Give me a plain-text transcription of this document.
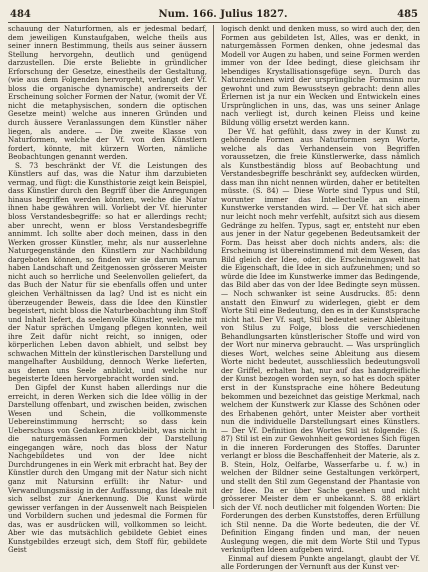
484	Num. 166. Julius 1827.	485

schauung der Naturformen, als er jedesmal bedarf, dem jeweiligen Kunstaufgaben, welche theils aus seiner innern Bestimmung, theils aus seiner äussern Stellung hervorgehn, deutlich und genügend darzustellen. Die erste Beliebte in gründlicher Erforschung der Gesetze, einestheils der Gestaltung, (wie aus dem Folgenden hervorgeht, verlangt der Vf. bloss die organische dynamische) andrerseits der Erscheinung solcher Formen der Natur, (womit der Vf. nicht die metaphysischen, sondern die optischen Gesetze meint) welche aus inneren Gründen und durch äussere Veranlassungen dem Künstler näher liegen, als andere. — Die zweite Klasse von Naturformen, welche der Vf. von den Künstlern fordert, könnte, mit kürzern Worten, nämliche Beobachtungen genannt werden.

S. 73 beschränkt der Vf. die Leistungen des Künstlers auf das, was die Natur ihm darzubieten vermag, und fügt: die Kunsthistorie zeigt kein Beispiel, dass Künstler durch den Begriff über die Anregungen hinaus begriffen werden könnten, welche die Natur ihnen habe gewähren will. Vorliebt der Vf. hierunter bloss Verstandesbegriffe: so hat er allerdings recht; aber unrecht, wenn er bloss Verstandesbegriffe annimmt. Ich sollte aber doch meinen, dass in den Werken grosser Künstler, mehr, als nur ausserlehne Naturgegenstände den Künstlern zur Nachbildung dargeboten können, so finden wir sie darum warum haben Landschaft und Zeitgenossen grösserer Meister nicht auch so herrliche und Seelenvollen geliefert, da das Buch der Natur für sie ebenfalls offen und unter gleichen Verhältnissen da lag? Und ist es nicht ein überzeugender Beweis, dass die Idee den Künstler begeistert, nicht bloss die Naturbeobachtung ihm Stoff und Inhalt liefert, da seelenvolle Künstler, welche mit der Natur sprächen Umgang pflegen konnten, weil ihre Zeit dafür nicht reicht, so innigen, oder körperlichen Leben davon abhielt, und selbst bey schwachen Mitteln der künstlerischen Darstellung und mangelhafter Ausbildung, dennoch Werke lieferten, aus denen uns Seele anblickt, und welche nur begeisterte Ideen hervorgebracht worden sind.

Den Gipfel der Kunst haben allerdings nur die erreicht, in deren Werken sich die Idee völlig in der Darstellung offenbart, und zwischen beiden, zwischen Wesen und Schein, die vollkommenste Uebereinstimmung herrscht; so dass kein Ueberschuss von Gedanken zurückbleibt, was nicht in die naturgemässen Formen der Darstellung eingegangen wäre, noch das bloss der Natur Nachgebildetes und von der Idee nicht Durchdrungenes in ein Werk mit erbracht hat. Bey der Künstler durch den Umgang mit der Natur sich nicht ganz mit Natursinn erfüllt: ihr Natur- und Verwandlungsmässig in der Auffassung, das Ideale mit sich selbst zur Anerkennung. Die Kunst würde gewisser verfangen in der Aussenwelt nach Beispielen und Vorbildern suchen und jedesmal die Formen für das, was er ausdrücken will, vollkommen so leicht. Aber wie das mutsächlich gebildete Gebiet eines Kunstgebildes erzeugt sich, dem Stoff für, gebildete Geist

logisch denkt und denken muss, so wird auch der, den Formen aus gebildeten Ist, Alles, was er denkt, in naturgemässen Formen denken, ohne jedesmal das Modell vor Augen zu haben, und seine Formen werden immer von der Idee bedingt, diese gleichsam ihr lebendiges Krystallisationsgefüge seyn. Durch das Naturzeichnen wird der ursprüngliche Formsinn nur gewohnt und zum Bewusstseyn gebracht: denn alles Erlernen ist ja nur ein Wecken und Entwickeln eines Ursprünglichen in uns, das, was uns seiner Anlage nach verliegt ist, durch keinen Fleiss und keine Bildung völlig ersetzt werden kann.

Der Vf. hat gefühlt, dass zwey in der Kunst zu gehörende Formen aus Naturformen seyn Worte, welche als das Verhandensein von Begriffen voraussetzen, die freie Künstlerwerke, dass nämlich als Kunstbeständig bloss auf Beobachtung und Verstandesbegriffe beschränkt sey, aufdecken würden, dass man ihn nicht nennen würden, daher er betitelten müsste. (S. 84) — Diese Worte sind Typus und Stil, worunter immer das Intellectuelle an einem Kunstwerke verstanden wird. — Der Vf. hat sich aber nur leicht noch mehr verfehlt, aufsitzt sich aus diesem Gedränge zu helfen. Typus, sagt er, entsteht nur eben aus jener in der Natur gegebenen Bedeutsamkeit der Form. Das heisst aber doch nichts anders, als: die Erscheinung ist übereinstimmend mit dem Wesen, das Bild gleich der Idee, oder, die Erscheinungswelt hat die Eigenschaft, die Idee in sich aufzunehmen; und so würde die Idee im Kunstwerke immer das Bedingende, das Bild aber das von der Idee Bedingte seyn müssen. — Noch schwanker ist seine Ausdrucks. 85: denn anstatt den Einwurf zu widerlegen, giebt er dem Worte Stil eine Bedeutung, den es in der Kunstsprache nicht hat. Der Vf. sagt, Stil bedeutet seiner Ableitung von Stilus zu Folge, bloss die verschiedenen Behandlungsarten künstlerischer Stoffe und wird von der Wort nur minerva gebraucht. — Was ursprünglich dieses Wort, welches seine Ableitung aus diesem Worte nicht bedeutet, ausschliesslich bedeutungsvoll der Griffel, erhalten hat, nur auf das handgreifliche der Kunst bezogen worden seyn, so hat es doch später erst in der Kunstsprache eine höhere Bedeutung bekommen und bezeichnet das geistige Merkmal, nach welchem der Kunstwerk zur Klasse des Schönen oder des Erhabenen gehört, unter Meister aber vortheit nun die individuelle Darstellungsart eines Künstlers. — Der Vf. Definition des Wortes Stil ist folgende: (S. 87) Stil ist ein zur Gewohnheit gewordenes Sich fügen in die inneren Forderungen des Stoffes. Darunter verlangt er bloss die Beschaffenheit der Materie, als z. B. Stein, Holz, Oelfarbe, Wasserfarbe u. f. w.) in welchen der Bildner seine Gestaltungen verkörpert, und stellt den Stil zum Gegenstand der Phantasie von der Idee. Da er über Sache gesehen und nicht grösserer Meister dem er unbekannt. S. 88 erklärt sich der Vf. noch deutlicher mit folgenden Worten: Die Forderungen des derben Kunststoffes, deren Erfüllung ich Stil nenne. Da die Worte bedeuten, die der Vf. Definition Eingang finden und man, der neuen Auslegung wegen, die mit dem Worte Stil und Typus verknüpften Ideen aufgeben wird.

Einmal auf diesem Punkte angelangt, glaubt der Vf. alle Forderungen der Vernunft aus der Kunst ver-
